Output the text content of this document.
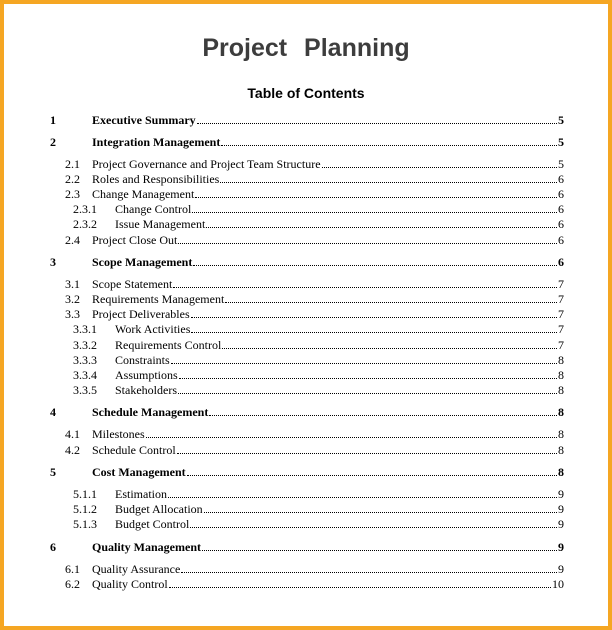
Project Planning
Table of Contents
1	Executive Summary	5
2	Integration Management	5
2.1 Project Governance and Project Team Structure	5
2.2 Roles and Responsibilities	6
2.3 Change Management	6
2.3.1 Change Control	6
2.3.2 Issue Management	6
2.4 Project Close Out	6
3	Scope Management	6
3.1 Scope Statement	7
3.2 Requirements Management	7
3.3 Project Deliverables	7
3.3.1 Work Activities	7
3.3.2 Requirements Control	7
3.3.3 Constraints	8
3.3.4 Assumptions	8
3.3.5 Stakeholders	8
4	Schedule Management	8
4.1 Milestones	8
4.2 Schedule Control	8
5	Cost Management	8
5.1.1 Estimation	9
5.1.2 Budget Allocation	9
5.1.3 Budget Control	9
6	Quality Management	9
6.1 Quality Assurance	9
6.2 Quality Control	10
